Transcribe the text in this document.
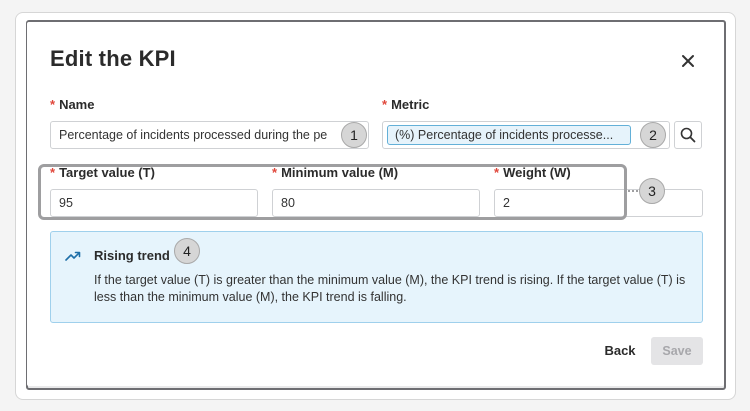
Edit the KPI
* Name
Percentage of incidents processed during the pe	1
* Metric
(%) Percentage of incidents processe...	2
* Target value (T)
95
* Minimum value (M)
80
* Weight (W)
2
3
Rising trend
If the target value (T) is greater than the minimum value (M), the KPI trend is rising. If the target value (T) is less than the minimum value (M), the KPI trend is falling.
4
Back	Save
